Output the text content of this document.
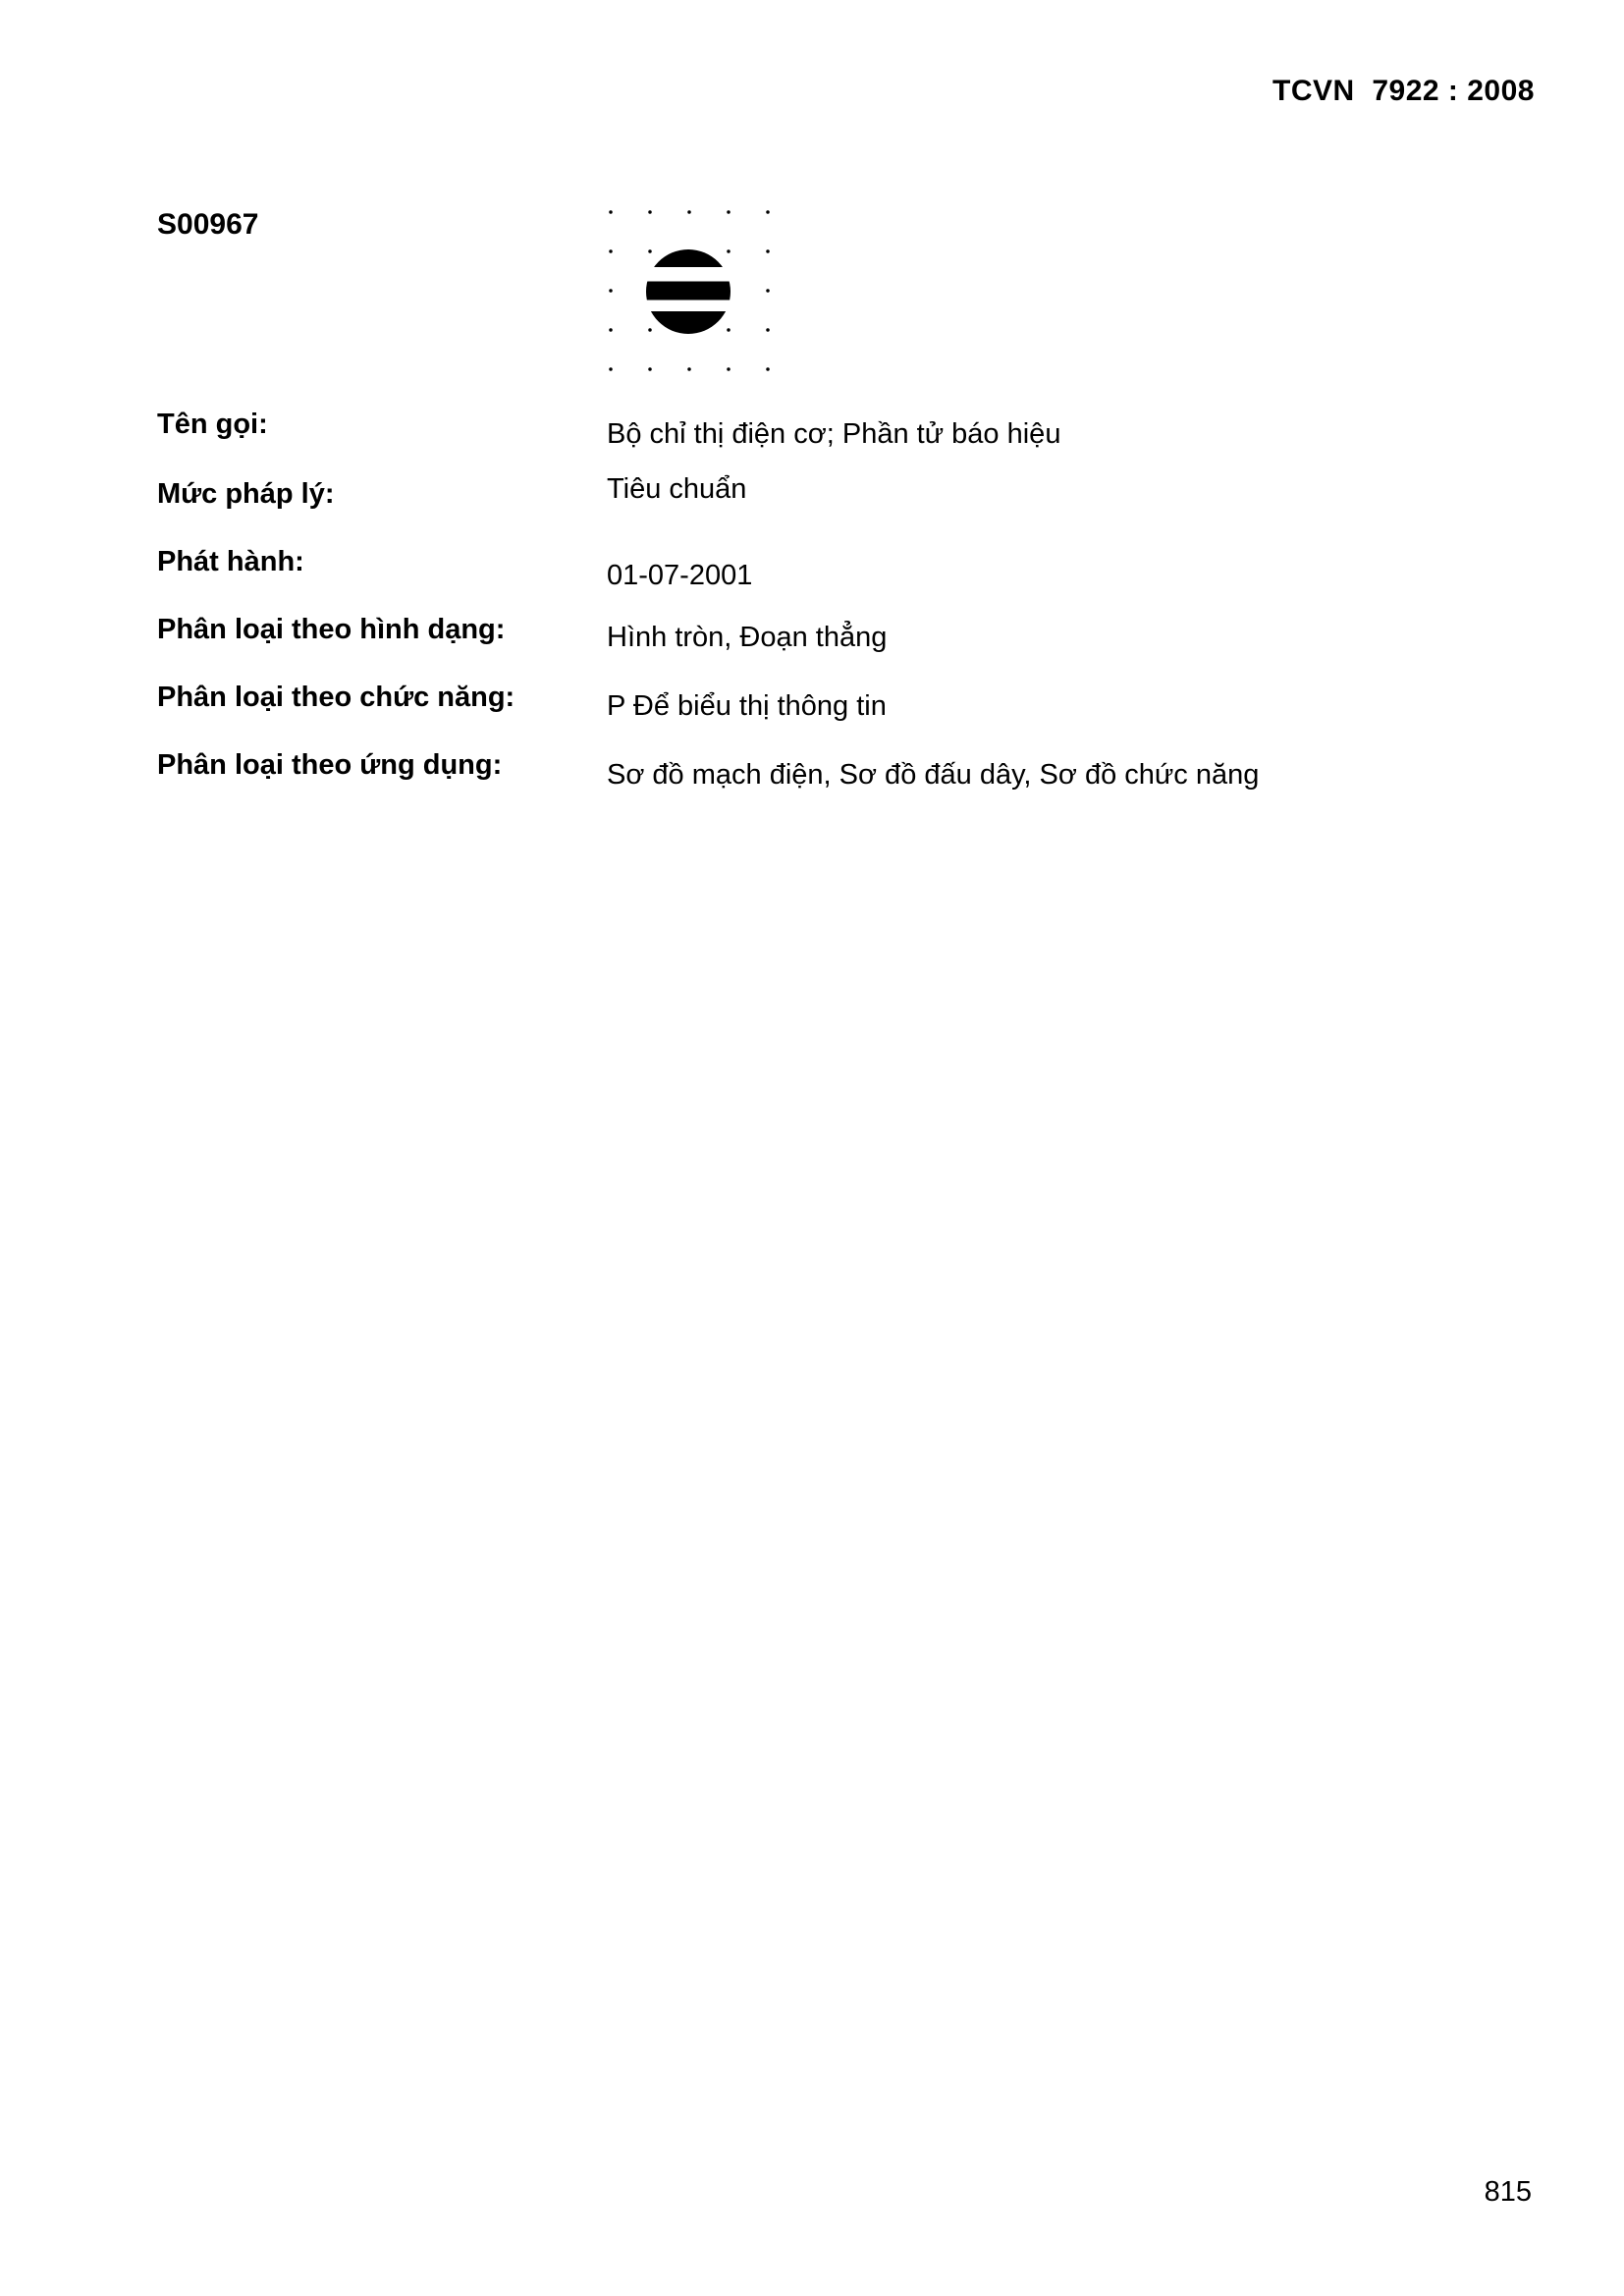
TCVN  7922 : 2008
S00967
Tên gọi:	Bộ chỉ thị điện cơ; Phần tử báo hiệu
Mức pháp lý:	Tiêu chuẩn
Phát hành:	01-07-2001
Phân loại theo hình dạng:	Hình tròn, Đoạn thẳng
Phân loại theo chức năng:	P Để biểu thị thông tin
Phân loại theo ứng dụng:	Sơ đồ mạch điện, Sơ đồ đấu dây, Sơ đồ chức năng
815
